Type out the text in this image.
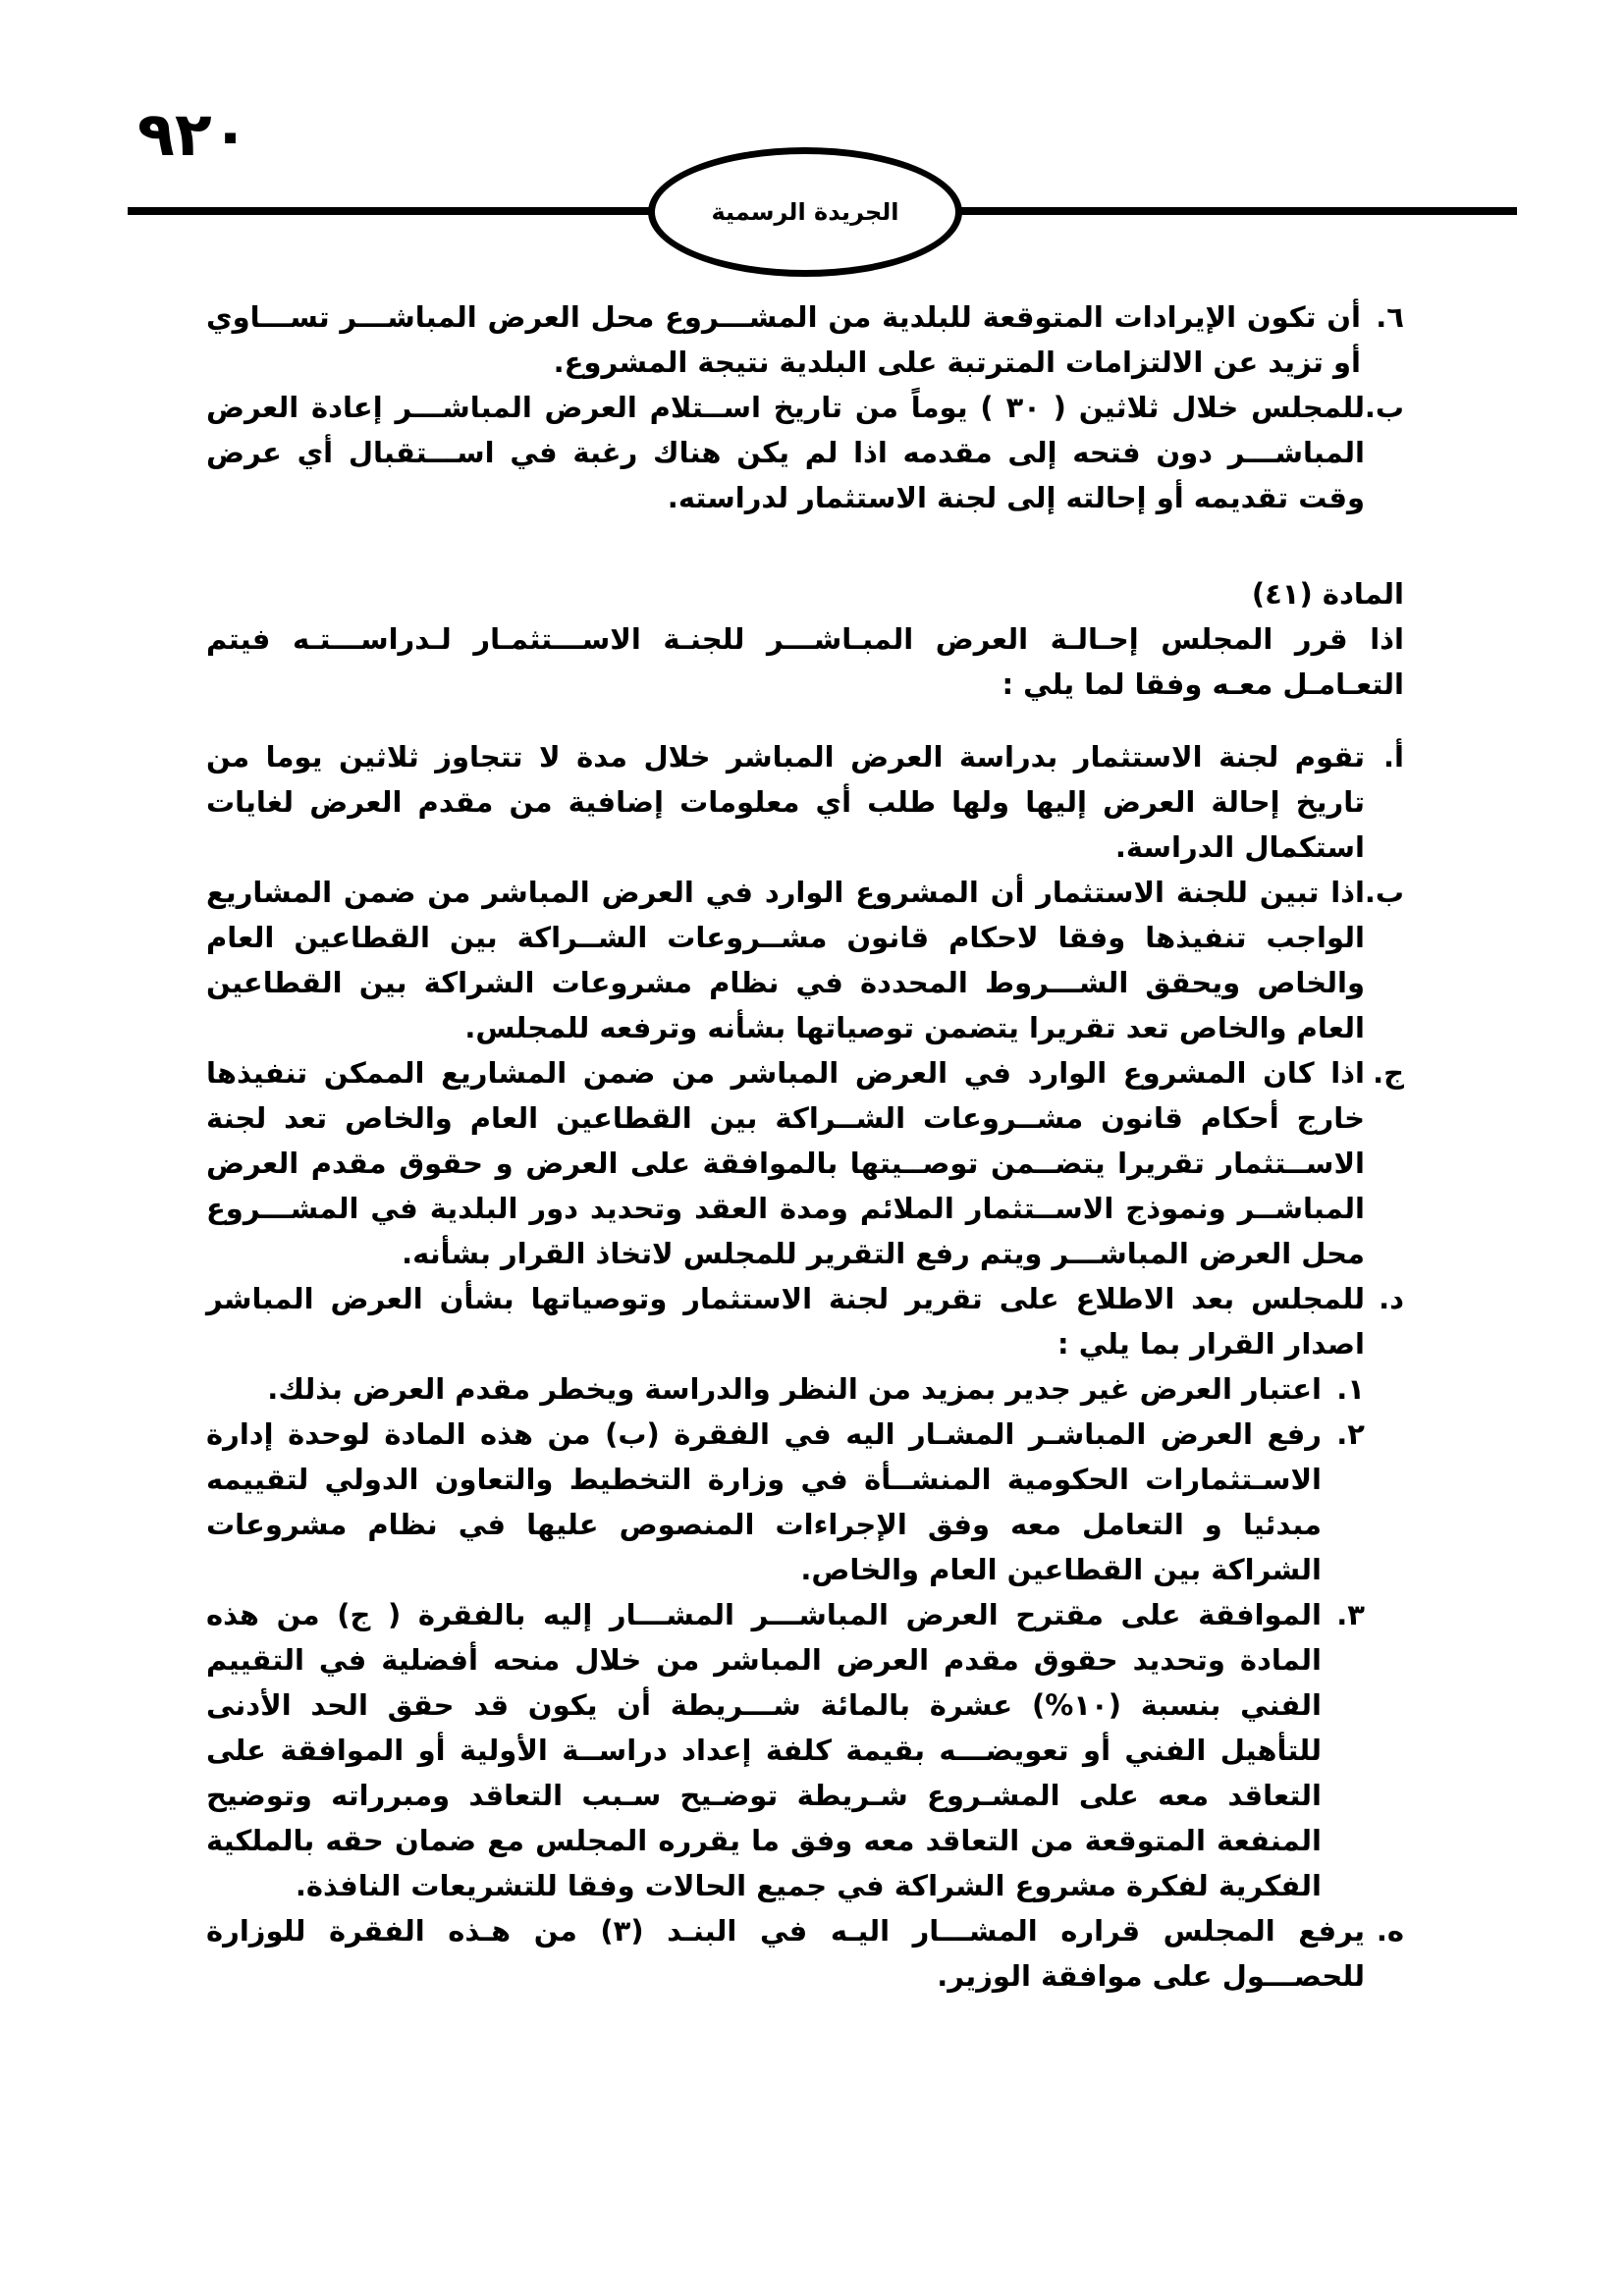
٩٢٠
الجريدة الرسمية
٦.
أن تكون الإيرادات المتوقعة للبلدية من المشـــروع محل العرض المباشـــر تســـاوي أو تزيد عن الالتزامات المترتبة على البلدية نتيجة المشروع.
ب.
للمجلس خلال ثلاثين ( ٣٠ ) يوماً من تاريخ اســتلام العرض المباشـــر إعادة العرض المباشـــر دون فتحه إلى مقدمه اذا لم يكن هناك رغبة في اســـتقبال أي عرض وقت تقديمه أو إحالته إلى لجنة الاستثمار لدراسته.
المادة (٤١)
اذا قرر المجلس إحـالـة العرض المبـاشـــر للجنـة الاســـتثمـار لـدراســـتـه فيتم التعـامـل معـه وفقا لما يلي :
أ.
تقوم لجنة الاستثمار بدراسة العرض المباشر خلال مدة لا تتجاوز ثلاثين يوما من تاريخ إحالة العرض إليها ولها طلب أي معلومات إضافية من مقدم العرض لغايات استكمال الدراسة.
ب.
اذا تبين للجنة الاستثمار أن المشروع الوارد في العرض المباشر من ضمن المشاريع الواجب تنفيذها وفقا لاحكام قانون مشــروعات الشــراكة بين القطاعين العام والخاص ويحقق الشـــروط المحددة في نظام مشروعات الشراكة بين القطاعين العام والخاص تعد تقريرا يتضمن توصياتها بشأنه وترفعه للمجلس.
ج.
اذا كان المشروع الوارد في العرض المباشر من ضمن المشاريع الممكن تنفيذها خارج أحكام قانون مشــروعات الشــراكة بين القطاعين العام والخاص تعد لجنة الاســتثمار تقريرا يتضــمن توصــيتها بالموافقة على العرض و حقوق مقدم العرض المباشــر ونموذج الاســتثمار الملائم ومدة العقد وتحديد دور البلدية في المشـــروع محل العرض المباشـــر ويتم رفع التقرير للمجلس لاتخاذ القرار بشأنه.
د.
للمجلس بعد الاطلاع على تقرير لجنة الاستثمار وتوصياتها بشأن العرض المباشر اصدار القرار بما يلي :
١.
اعتبار العرض غير جدير بمزيد من النظر والدراسة ويخطر مقدم العرض بذلك.
٢.
رفع العرض المباشـر المشـار اليه في الفقرة (ب) من هذه المادة لوحدة إدارة الاسـتثمارات الحكومية المنشــأة في وزارة التخطيط والتعاون الدولي لتقييمه مبدئيا و التعامل معه وفق الإجراءات المنصوص عليها في نظام مشروعات الشراكة بين القطاعين العام والخاص.
٣.
الموافقة على مقترح العرض المباشـــر المشـــار إليه بالفقرة ( ج) من هذه المادة وتحديد حقوق مقدم العرض المباشر من خلال منحه أفضلية في التقييم الفني بنسبة (١٠%) عشرة بالمائة شـــريطة أن يكون قد حقق الحد الأدنى للتأهيل الفني أو تعويضـــه بقيمة كلفة إعداد دراســة الأولية أو الموافقة على التعاقد معه على المشـروع شـريطة توضـيح سـبب التعاقد ومبرراته وتوضيح المنفعة المتوقعة من التعاقد معه وفق ما يقرره المجلس مع ضمان حقه بالملكية الفكرية لفكرة مشروع الشراكة في جميع الحالات وفقا للتشريعات النافذة.
ه.
يرفع المجلس قراره المشـــار اليـه في البنـد (٣) من هـذه الفقرة للوزارة للحصـــول على موافقة الوزير.
